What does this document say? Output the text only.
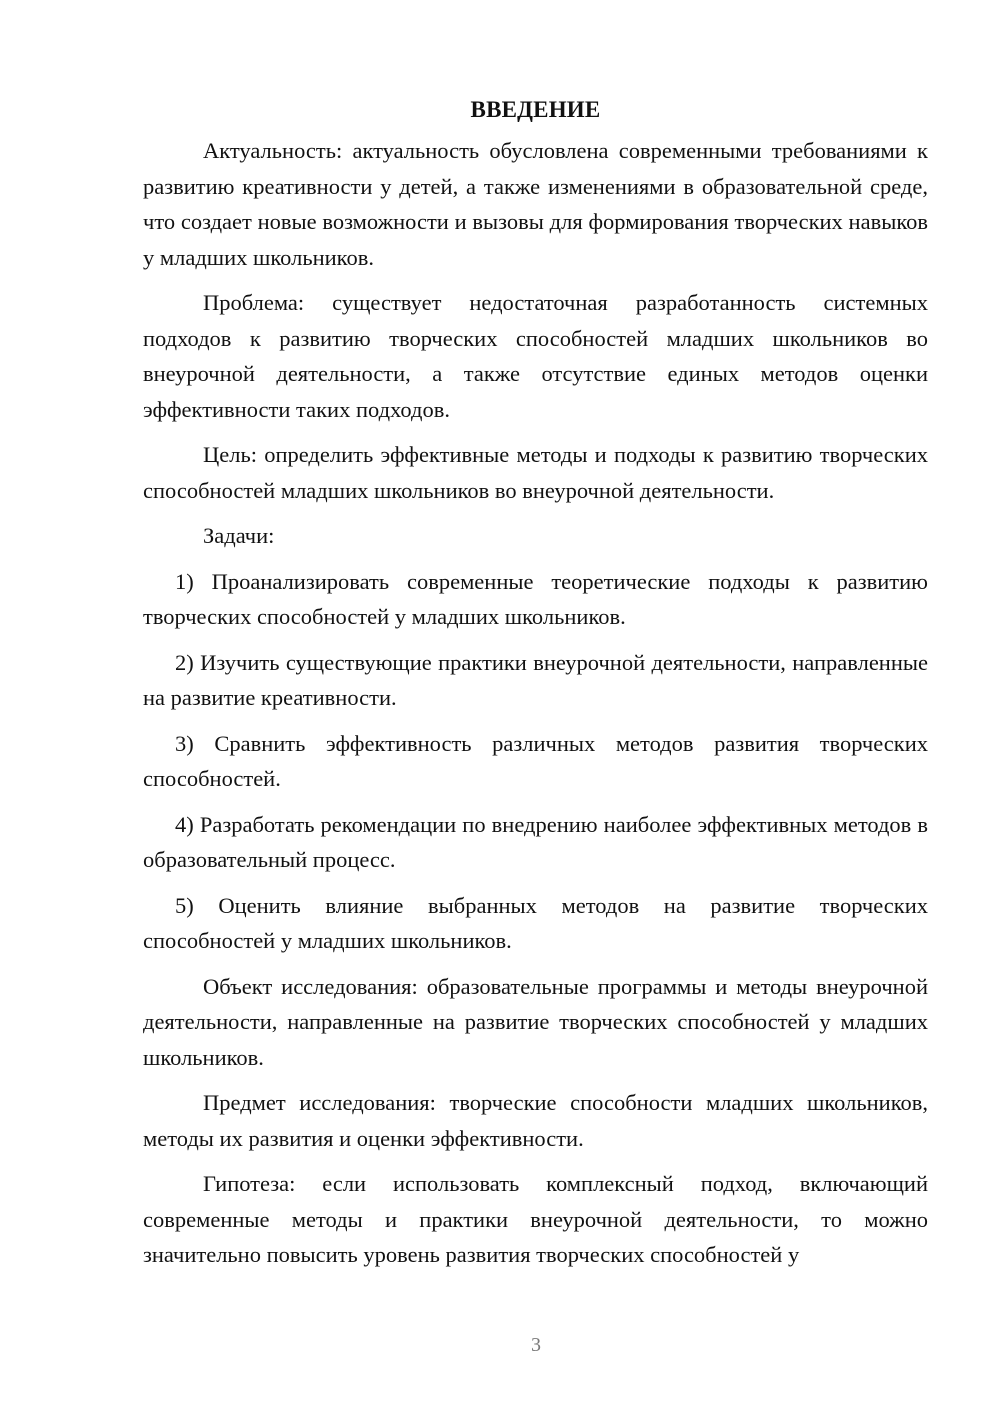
ВВЕДЕНИЕ

Актуальность: актуальность обусловлена современными требованиями к развитию креативности у детей, а также изменениями в образовательной среде, что создает новые возможности и вызовы для формирования творческих навыков у младших школьников.

Проблема: существует недостаточная разработанность системных подходов к развитию творческих способностей младших школьников во внеурочной деятельности, а также отсутствие единых методов оценки эффективности таких подходов.

Цель: определить эффективные методы и подходы к развитию творческих способностей младших школьников во внеурочной деятельности.

Задачи:

1) Проанализировать современные теоретические подходы к развитию творческих способностей у младших школьников.

2) Изучить существующие практики внеурочной деятельности, направленные на развитие креативности.

3) Сравнить эффективность различных методов развития творческих способностей.

4) Разработать рекомендации по внедрению наиболее эффективных методов в образовательный процесс.

5) Оценить влияние выбранных методов на развитие творческих способностей у младших школьников.

Объект исследования: образовательные программы и методы внеурочной деятельности, направленные на развитие творческих способностей у младших школьников.

Предмет исследования: творческие способности младших школьников, методы их развития и оценки эффективности.

Гипотеза: если использовать комплексный подход, включающий современные методы и практики внеурочной деятельности, то можно значительно повысить уровень развития творческих способностей у

3
